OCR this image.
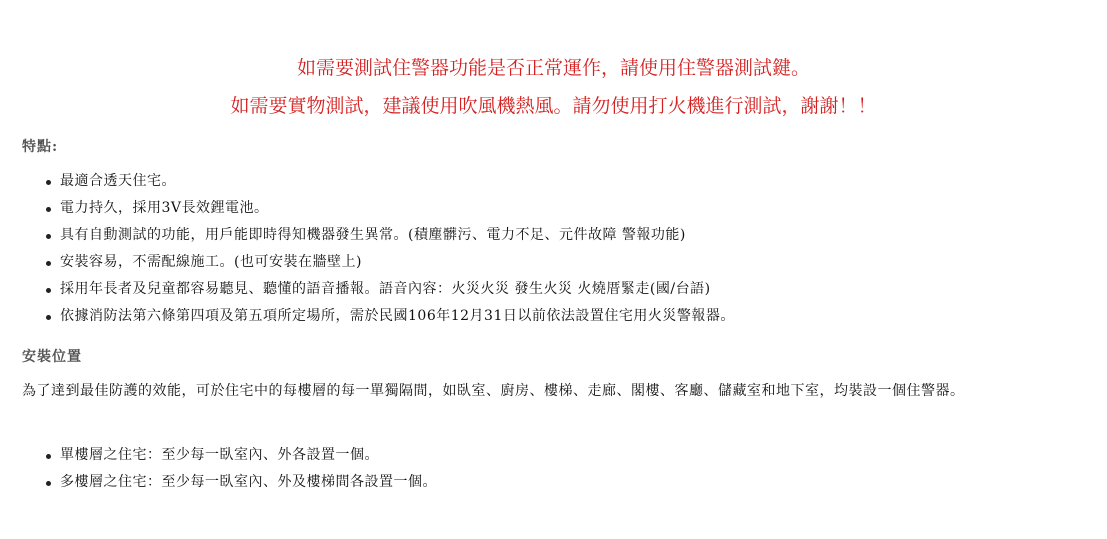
如需要測試住警器功能是否正常運作，請使用住警器測試鍵。

如需要實物測試，建議使用吹風機熱風。請勿使用打火機進行測試，謝謝！！

特點:
最適合透天住宅。
電力持久，採用3V長效鋰電池。
具有自動測試的功能，用戶能即時得知機器發生異常。(積塵髒污、電力不足、元件故障 警報功能)
安裝容易，不需配線施工。(也可安裝在牆壁上)
採用年長者及兒童都容易聽見、聽懂的語音播報。語音內容：火災火災 發生火災 火燒厝緊走(國/台語)
依據消防法第六條第四項及第五項所定場所，需於民國106年12月31日以前依法設置住宅用火災警報器。
安裝位置

為了達到最佳防護的效能，可於住宅中的每樓層的每一單獨隔間，如臥室、廚房、樓梯、走廊、閣樓、客廳、儲藏室和地下室，均裝設一個住警器。

單樓層之住宅：至少每一臥室內、外各設置一個。
多樓層之住宅：至少每一臥室內、外及樓梯間各設置一個。
